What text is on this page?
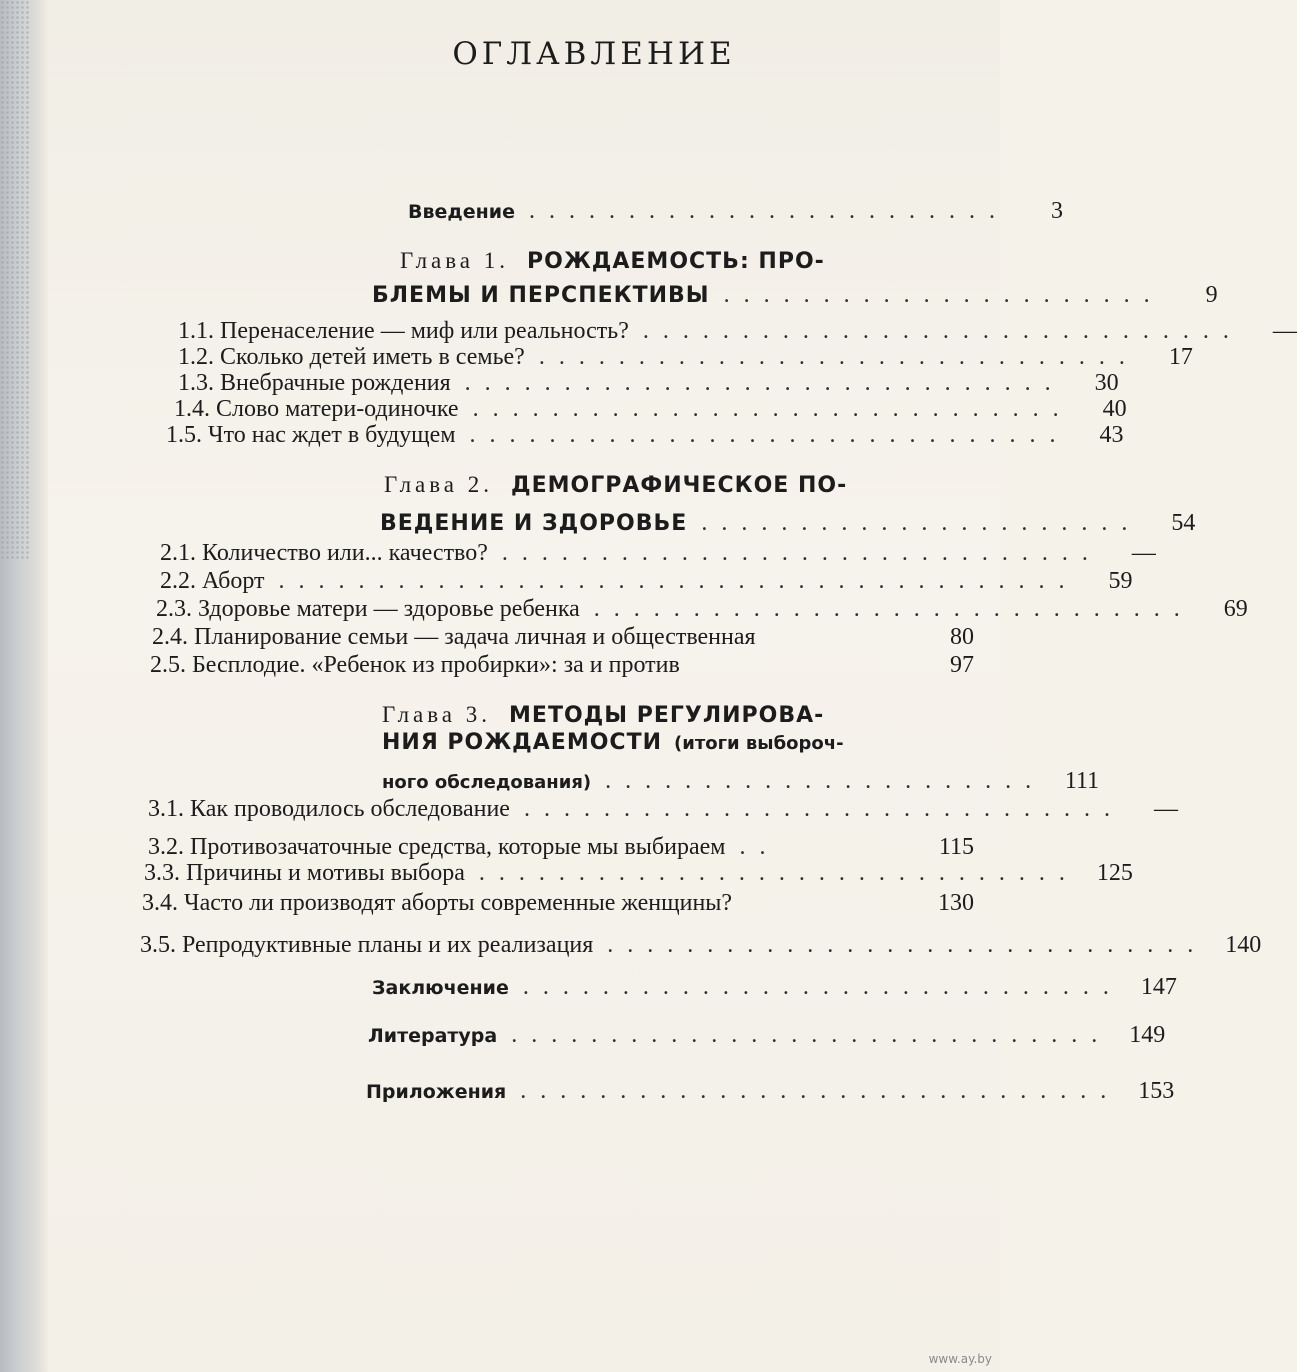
ОГЛАВЛЕНИЕ
Введение ........................	3
Глава 1. РОЖДАЕМОСТЬ: ПРО-
БЛЕМЫ И ПЕРСПЕКТИВЫ ......................	9
1.1. Перенаселение — миф или реальность? ..............................	—
1.2. Сколько детей иметь в семье? ..............................	17
1.3. Внебрачные рождения ..............................	30
1.4. Слово матери-одиночке ..............................	40
1.5. Что нас ждет в будущем ..............................	43
Глава 2. ДЕМОГРАФИЧЕСКОЕ ПО-
ВЕДЕНИЕ И ЗДОРОВЬЕ ......................	54
2.1. Количество или... качество? ..............................	—
2.2. Аборт ........................................	59
2.3. Здоровье матери — здоровье ребенка ..............................	69
2.4. Планирование семьи — задача личная и общественная	80
2.5. Бесплодие. «Ребенок из пробирки»: за и против	97
Глава 3. МЕТОДЫ РЕГУЛИРОВА-
НИЯ РОЖДАЕМОСТИ (итоги выбороч-
ного обследования) ...................... 111
3.1. Как проводилось обследование ..............................	—
3.2. Противозачаточные средства, которые мы выбираем ..	115
3.3. Причины и мотивы выбора .............................. 125
3.4. Часто ли производят аборты современные женщины?	130
3.5. Репродуктивные планы и их реализация .............................. 140
Заключение .............................. 147
Литература .............................. 149
Приложения .............................. 153
www.ay.by
